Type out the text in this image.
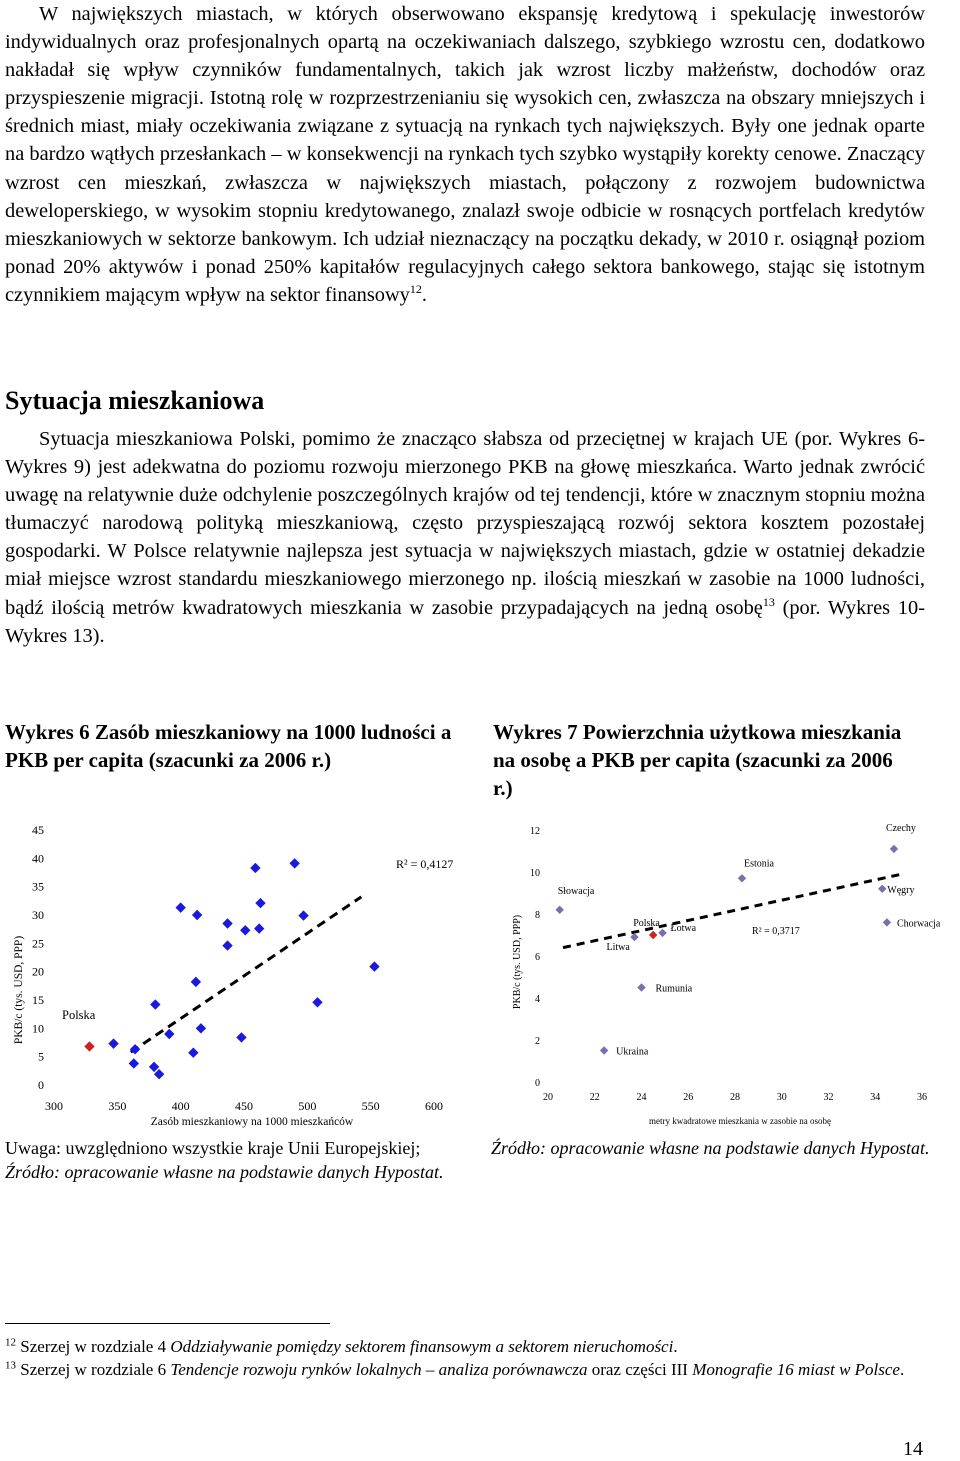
W największych miastach, w których obserwowano ekspansję kredytową i spekulację inwestorów indywidualnych oraz profesjonalnych opartą na oczekiwaniach dalszego, szybkiego wzrostu cen, dodatkowo nakładał się wpływ czynników fundamentalnych, takich jak wzrost liczby małżeństw, dochodów oraz przyspieszenie migracji. Istotną rolę w rozprzestrzenianiu się wysokich cen, zwłaszcza na obszary mniejszych i średnich miast, miały oczekiwania związane z sytuacją na rynkach tych największych. Były one jednak oparte na bardzo wątłych przesłankach – w konsekwencji na rynkach tych szybko wystąpiły korekty cenowe. Znaczący wzrost cen mieszkań, zwłaszcza w największych miastach, połączony z rozwojem budownictwa deweloperskiego, w wysokim stopniu kredytowanego, znalazł swoje odbicie w rosnących portfelach kredytów mieszkaniowych w sektorze bankowym. Ich udział nieznaczący na początku dekady, w 2010 r. osiągnął poziom ponad 20% aktywów i ponad 250% kapitałów regulacyjnych całego sektora bankowego, stając się istotnym czynnikiem mającym wpływ na sektor finansowy$^{12}$.

Sytuacja mieszkaniowa

Sytuacja mieszkaniowa Polski, pomimo że znacząco słabsza od przeciętnej w krajach UE (por. Wykres 6-Wykres 9) jest adekwatna do poziomu rozwoju mierzonego PKB na głowę mieszkańca. Warto jednak zwrócić uwagę na relatywnie duże odchylenie poszczególnych krajów od tej tendencji, które w znacznym stopniu można tłumaczyć narodową polityką mieszkaniową, często przyspieszającą rozwój sektora kosztem pozostałej gospodarki. W Polsce relatywnie najlepsza jest sytuacja w największych miastach, gdzie w ostatniej dekadzie miał miejsce wzrost standardu mieszkaniowego mierzonego np. ilością mieszkań w zasobie na 1000 ludności, bądź ilością metrów kwadratowych mieszkania w zasobie przypadających na jedną osobę$^{13}$ (por. Wykres 10- Wykres 13).

Wykres 6 Zasób mieszkaniowy na 1000 ludności a PKB per capita (szacunki za 2006 r.)

Wykres 7 Powierzchnia użytkowa mieszkania na osobę a PKB per capita (szacunki za 2006 r.)

0
5
10
15
20
25
30
35
40
45
300	350	400	450	500	550	600
PKB/c (tys. USD, PPP)
Zasób mieszkaniowy na 1000 mieszkańców
R² = 0,4127
Polska
0
2
4
6
8
10
12
20	22	24	26	28	30	32	34	36
PKB/c (tys. USD, PPP)
metry kwadratowe mieszkania w zasobie na osobę
Słowacja
Ukraina
Litwa
Rumunia
Estonia
Węgry
Chorwacja
Czechy
Łotwa
Polska
R² = 0,3717

Uwaga: uwzględniono wszystkie kraje Unii Europejskiej;
Źródło: opracowanie własne na podstawie danych Hypostat.

Źródło: opracowanie własne na podstawie danych Hypostat.

$^{12}$ Szerzej w rozdziale 4 Oddziaływanie pomiędzy sektorem finansowym a sektorem nieruchomości.

$^{13}$ Szerzej w rozdziale 6 Tendencje rozwoju rynków lokalnych – analiza porównawcza oraz części III Monografie 16 miast w Polsce.

14
